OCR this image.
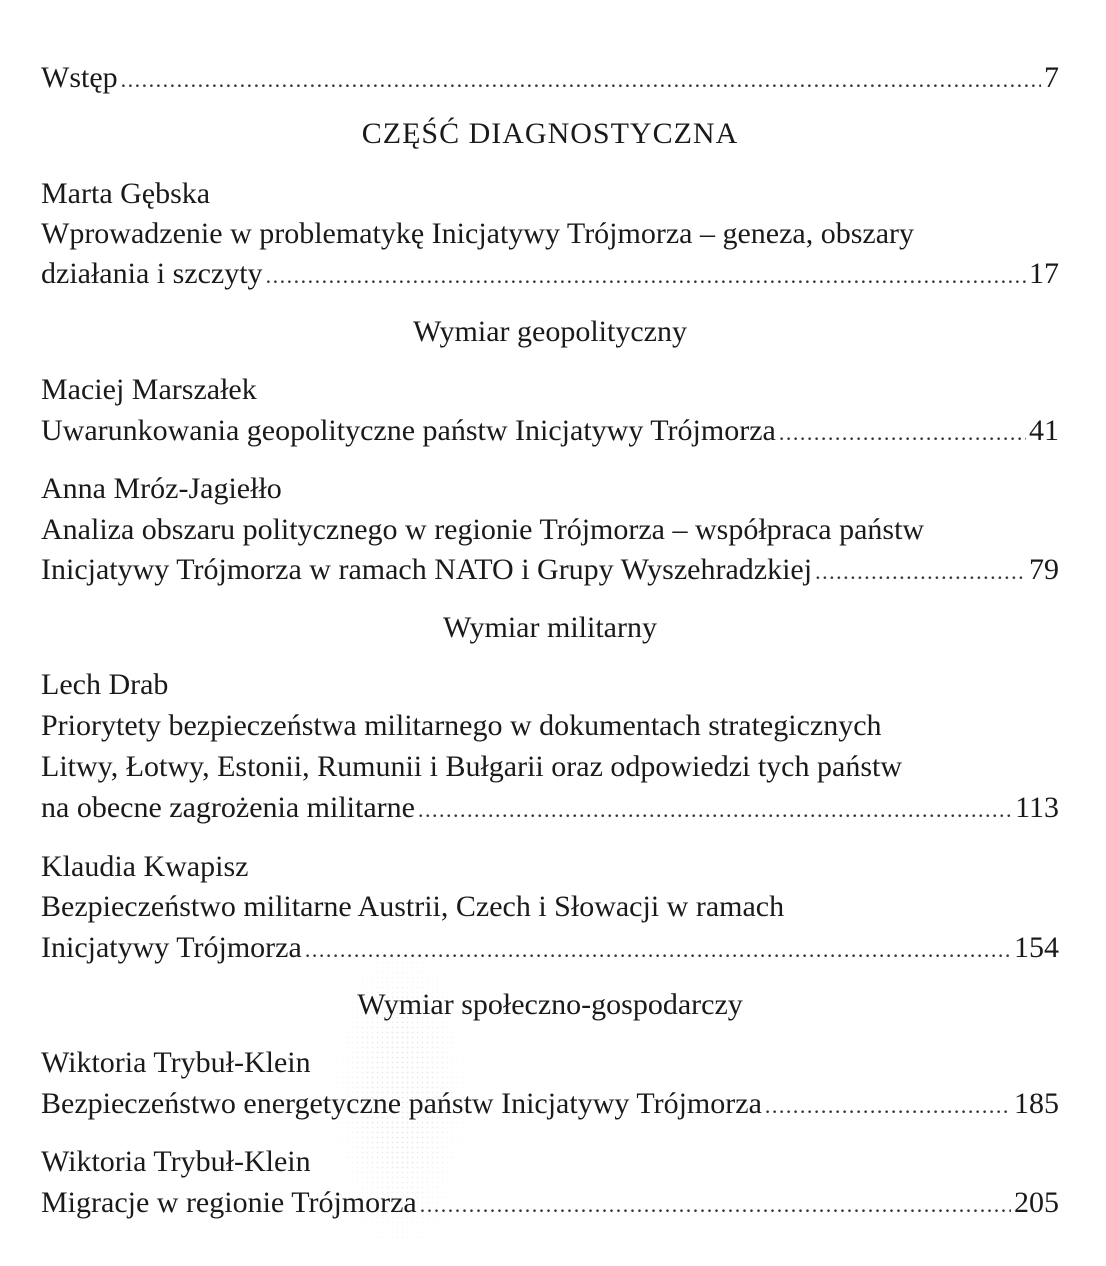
Wstęp .....	7
CZĘŚĆ DIAGNOSTYCZNA
Marta Gębska
Wprowadzenie w problematykę Inicjatywy Trójmorza – geneza, obszary
działania i szczyty .....	17
Wymiar geopolityczny
Maciej Marszałek
Uwarunkowania geopolityczne państw Inicjatywy Trójmorza .....	41
Anna Mróz-Jagiełło
Analiza obszaru politycznego w regionie Trójmorza – współpraca państw
Inicjatywy Trójmorza w ramach NATO i Grupy Wyszehradzkiej .....	79
Wymiar militarny
Lech Drab
Priorytety bezpieczeństwa militarnego w dokumentach strategicznych
Litwy, Łotwy, Estonii, Rumunii i Bułgarii oraz odpowiedzi tych państw
na obecne zagrożenia militarne .....	113
Klaudia Kwapisz
Bezpieczeństwo militarne Austrii, Czech i Słowacji w ramach
Inicjatywy Trójmorza .....	154
Wymiar społeczno-gospodarczy
Wiktoria Trybuł-Klein
Bezpieczeństwo energetyczne państw Inicjatywy Trójmorza .....	185
Wiktoria Trybuł-Klein
Migracje w regionie Trójmorza .....	205
